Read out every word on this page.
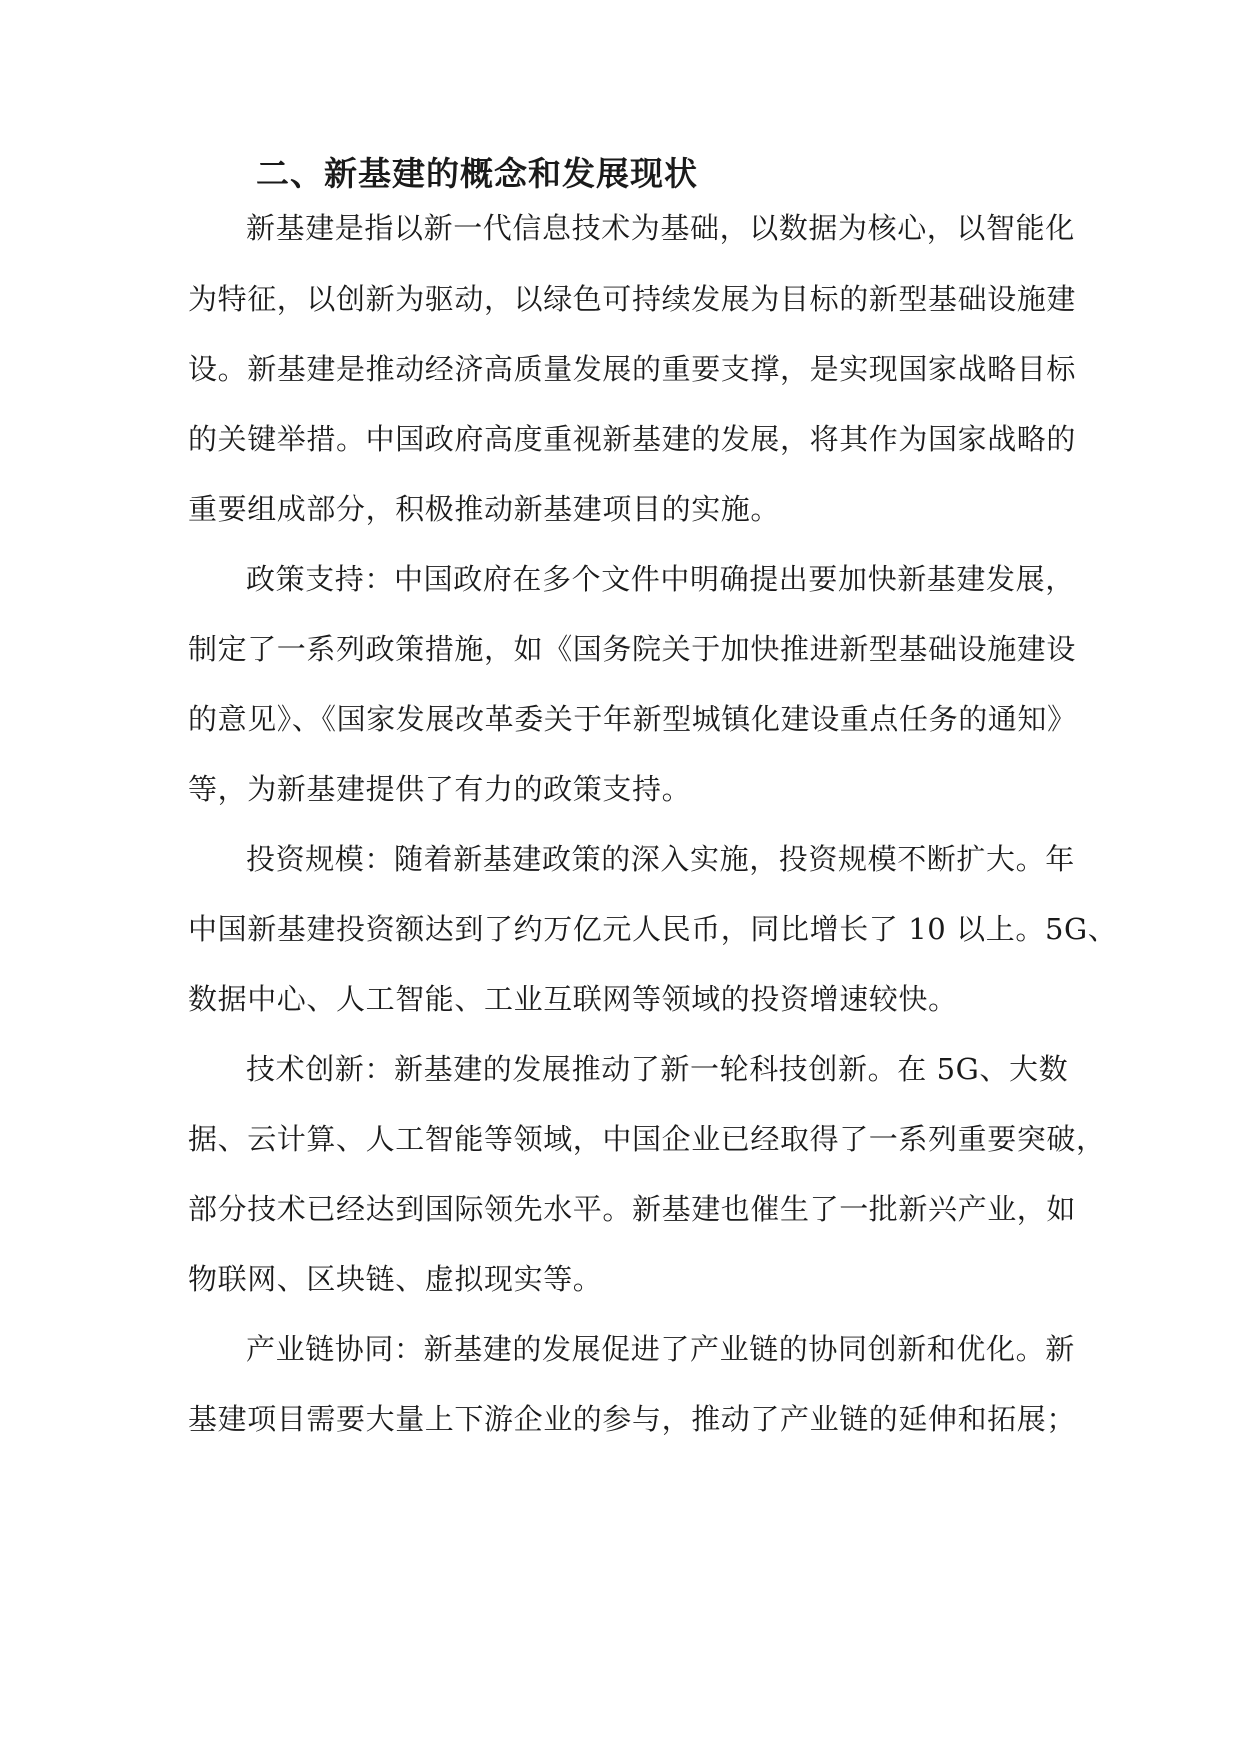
二、新基建的概念和发展现状

新基建是指以新一代信息技术为基础，以数据为核心，以智能化

为特征，以创新为驱动，以绿色可持续发展为目标的新型基础设施建

设。新基建是推动经济高质量发展的重要支撑，是实现国家战略目标

的关键举措。中国政府高度重视新基建的发展，将其作为国家战略的

重要组成部分，积极推动新基建项目的实施。

政策支持：中国政府在多个文件中明确提出要加快新基建发展，

制定了一系列政策措施，如《国务院关于加快推进新型基础设施建设

的意见》、《国家发展改革委关于年新型城镇化建设重点任务的通知》

等，为新基建提供了有力的政策支持。

投资规模：随着新基建政策的深入实施，投资规模不断扩大。年

中国新基建投资额达到了约万亿元人民币，同比增长了 10 以上。5G、

数据中心、人工智能、工业互联网等领域的投资增速较快。

技术创新：新基建的发展推动了新一轮科技创新。在 5G、大数

据、云计算、人工智能等领域，中国企业已经取得了一系列重要突破，

部分技术已经达到国际领先水平。新基建也催生了一批新兴产业，如

物联网、区块链、虚拟现实等。

产业链协同：新基建的发展促进了产业链的协同创新和优化。新

基建项目需要大量上下游企业的参与，推动了产业链的延伸和拓展；
